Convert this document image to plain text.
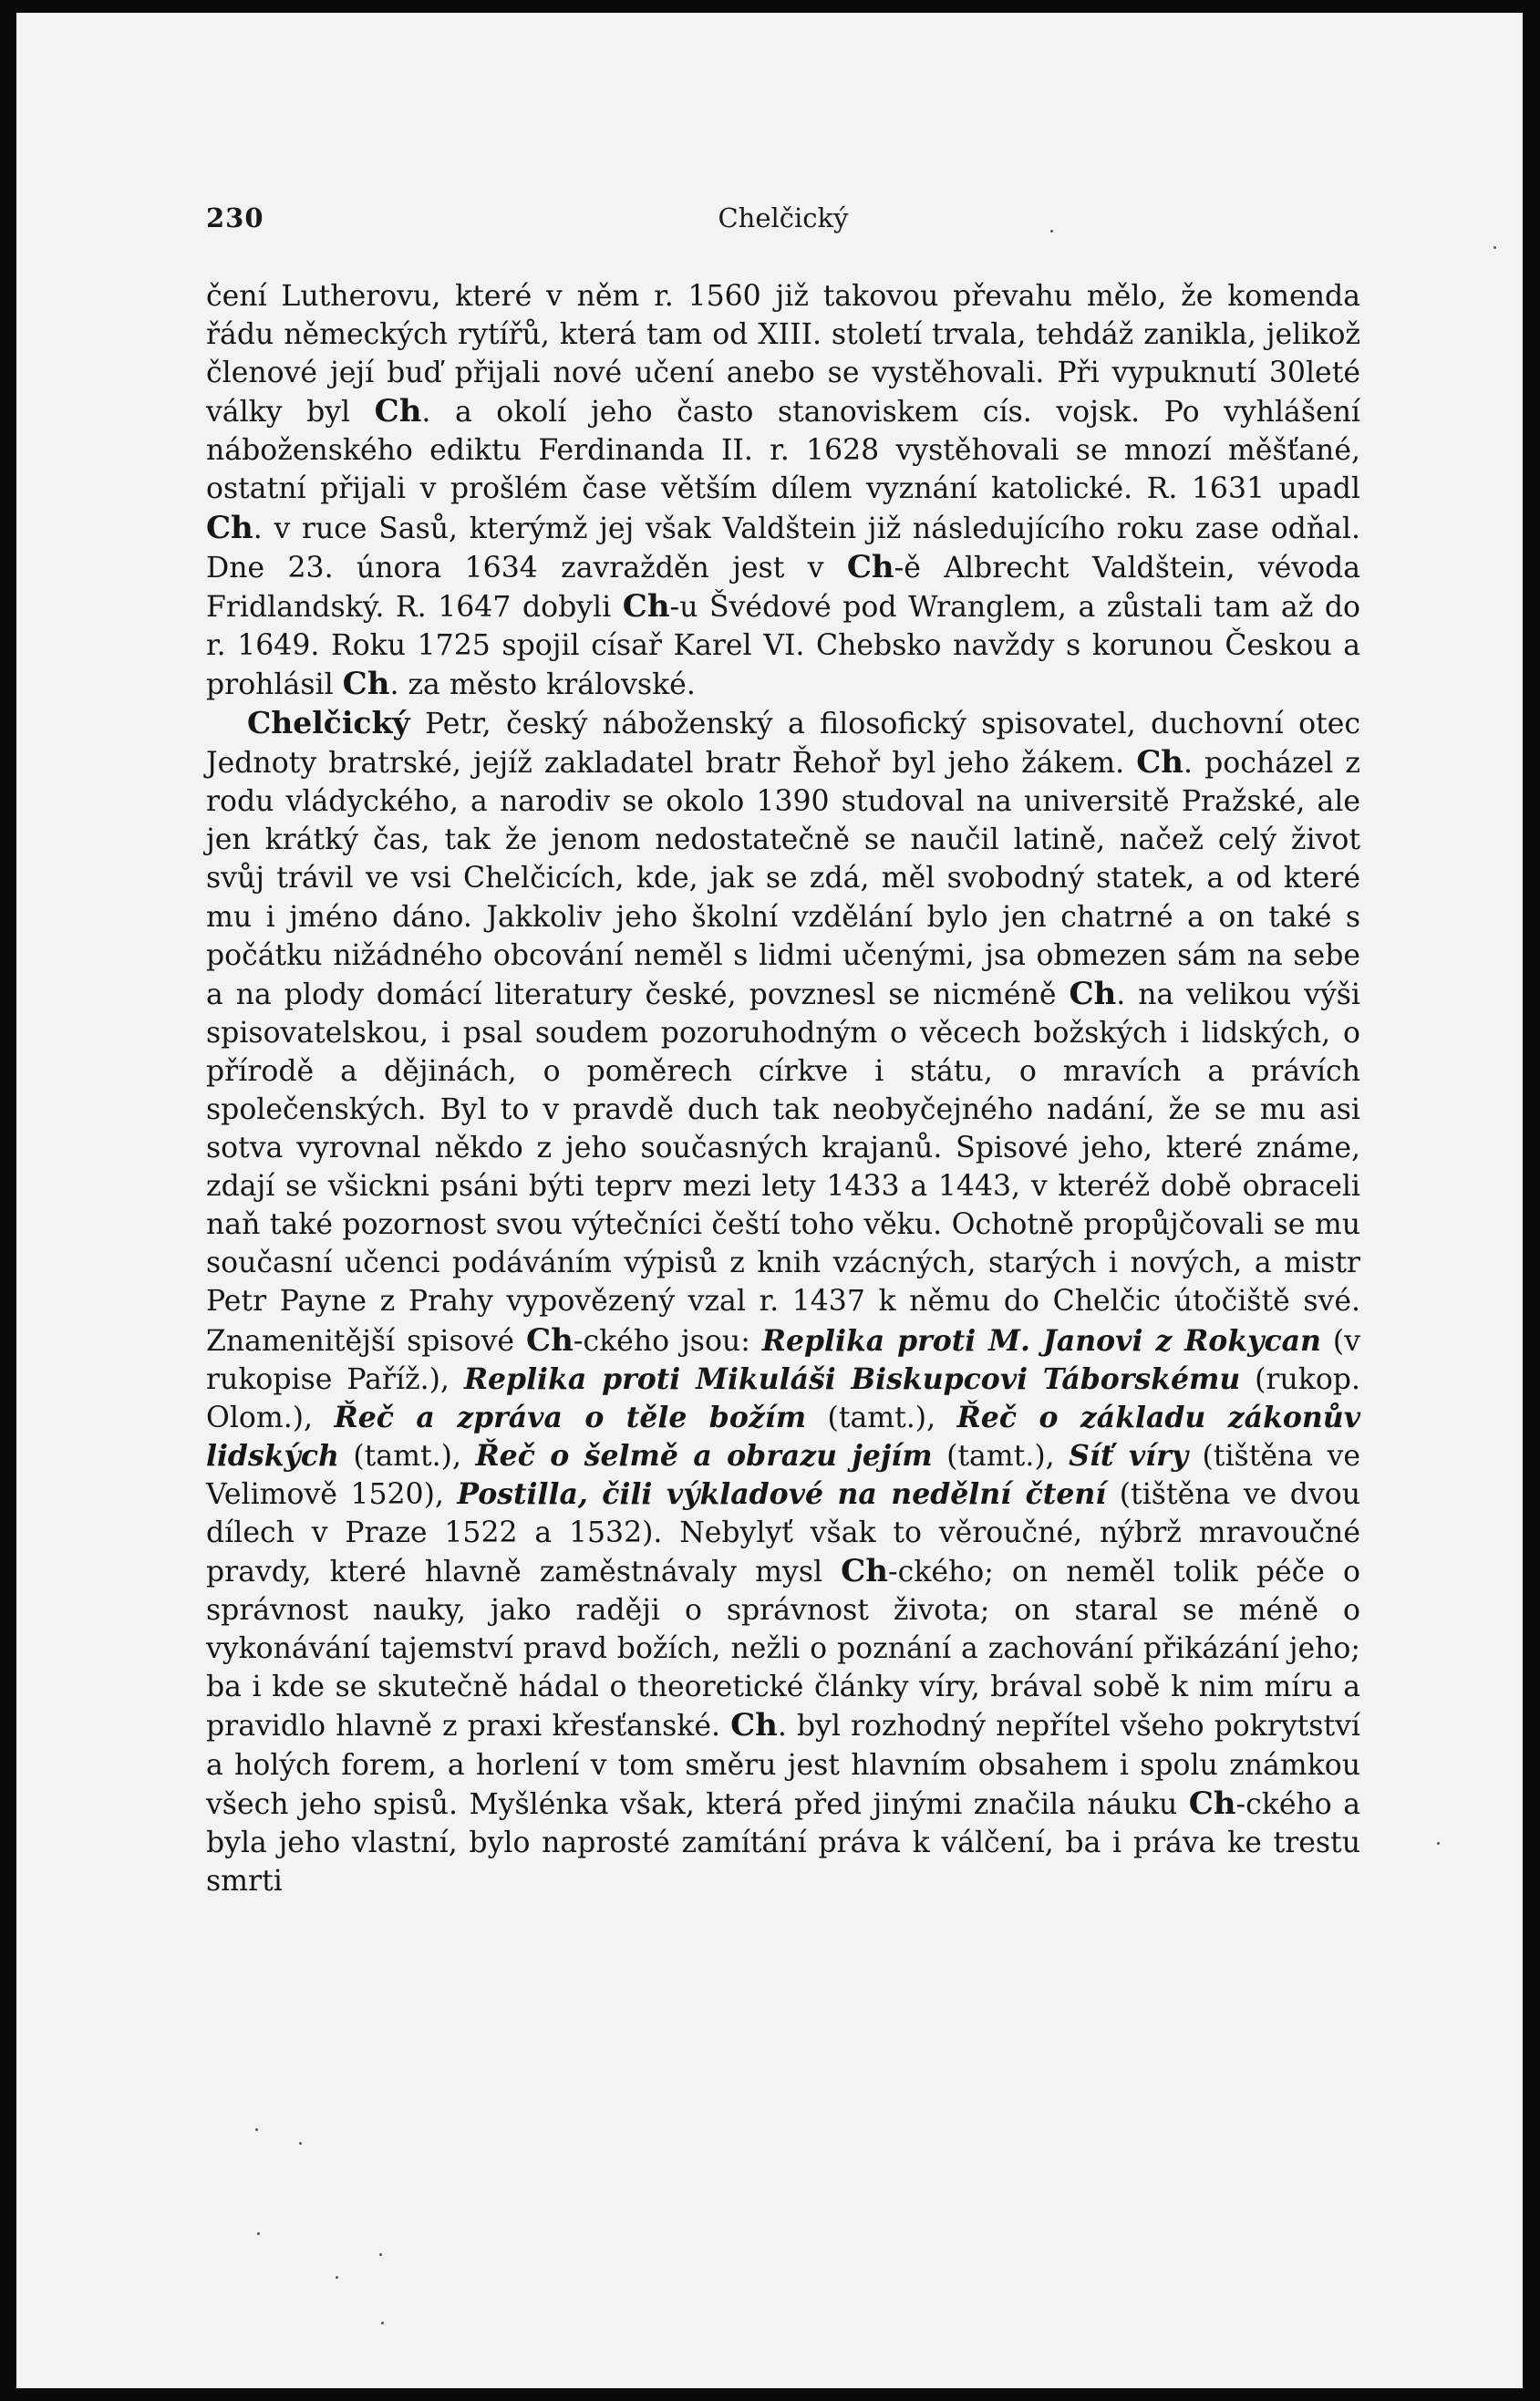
230	Chelčický

čení Lutherovu, které v něm r. 1560 již takovou převahu mělo, že komenda řádu německých rytířů, která tam od XIII. století trvala, tehdáž zanikla, jelikož členové její buď přijali nové učení anebo se vystěhovali. Při vypuknutí 30leté války byl Ch. a okolí jeho často stanoviskem cís. vojsk. Po vyhlášení náboženského ediktu Ferdinanda II. r. 1628 vystěhovali se mnozí měšťané, ostatní přijali v prošlém čase větším dílem vyznání katolické. R. 1631 upadl Ch. v ruce Sasů, kterýmž jej však Valdštein již následujícího roku zase odňal. Dne 23. února 1634 zavražděn jest v Ch-ě Albrecht Valdštein, vévoda Fridlandský. R. 1647 dobyli Ch-u Švédové pod Wranglem, a zůstali tam až do r. 1649. Roku 1725 spojil císař Karel VI. Chebsko navždy s korunou Českou a prohlásil Ch. za město královské.

Chelčický Petr, český náboženský a filosofický spisovatel, duchovní otec Jednoty bratrské, jejíž zakladatel bratr Řehoř byl jeho žákem. Ch. pocházel z rodu vládyckého, a narodiv se okolo 1390 studoval na universitě Pražské, ale jen krátký čas, tak že jenom nedostatečně se naučil latině, načež celý život svůj trávil ve vsi Chelčicích, kde, jak se zdá, měl svobodný statek, a od které mu i jméno dáno. Jakkoliv jeho školní vzdělání bylo jen chatrné a on také s počátku nižádného obcování neměl s lidmi učenými, jsa obmezen sám na sebe a na plody domácí literatury české, povznesl se nicméně Ch. na velikou výši spisovatelskou, i psal soudem pozoruhodným o věcech božských i lidských, o přírodě a dějinách, o poměrech církve i státu, o mravích a právích společenských. Byl to v pravdě duch tak neobyčejného nadání, že se mu asi sotva vyrovnal někdo z jeho současných krajanů. Spisové jeho, které známe, zdají se všickni psáni býti teprv mezi lety 1433 a 1443, v kteréž době obraceli naň také pozornost svou výtečníci čeští toho věku. Ochotně propůjčovali se mu současní učenci podáváním výpisů z knih vzácných, starých i nových, a mistr Petr Payne z Prahy vypovězený vzal r. 1437 k němu do Chelčic útočiště své. Znamenitější spisové Ch-ckého jsou: Replika proti M. Janovi z Rokycan (v rukopise Paříž.), Replika proti Mikuláši Biskupcovi Táborskému (rukop. Olom.), Řeč a zpráva o těle božím (tamt.), Řeč o základu zákonův lidských (tamt.), Řeč o šelmě a obrazu jejím (tamt.), Síť víry (tištěna ve Velimově 1520), Postilla, čili výkladové na nedělní čtení (tištěna ve dvou dílech v Praze 1522 a 1532). Nebylyť však to věroučné, nýbrž mravoučné pravdy, které hlavně zaměstnávaly mysl Ch-ckého; on neměl tolik péče o správnost nauky, jako raději o správnost života; on staral se méně o vykonávání tajemství pravd božích, nežli o poznání a zachování přikázání jeho; ba i kde se skutečně hádal o theoretické články víry, brával sobě k nim míru a pravidlo hlavně z praxi křesťanské. Ch. byl rozhodný nepřítel všeho pokrytství a holých forem, a horlení v tom směru jest hlavním obsahem i spolu známkou všech jeho spisů. Myšlénka však, která před jinými značila náuku Ch-ckého a byla jeho vlastní, bylo naprosté zamítání práva k válčení, ba i práva ke trestu smrti
